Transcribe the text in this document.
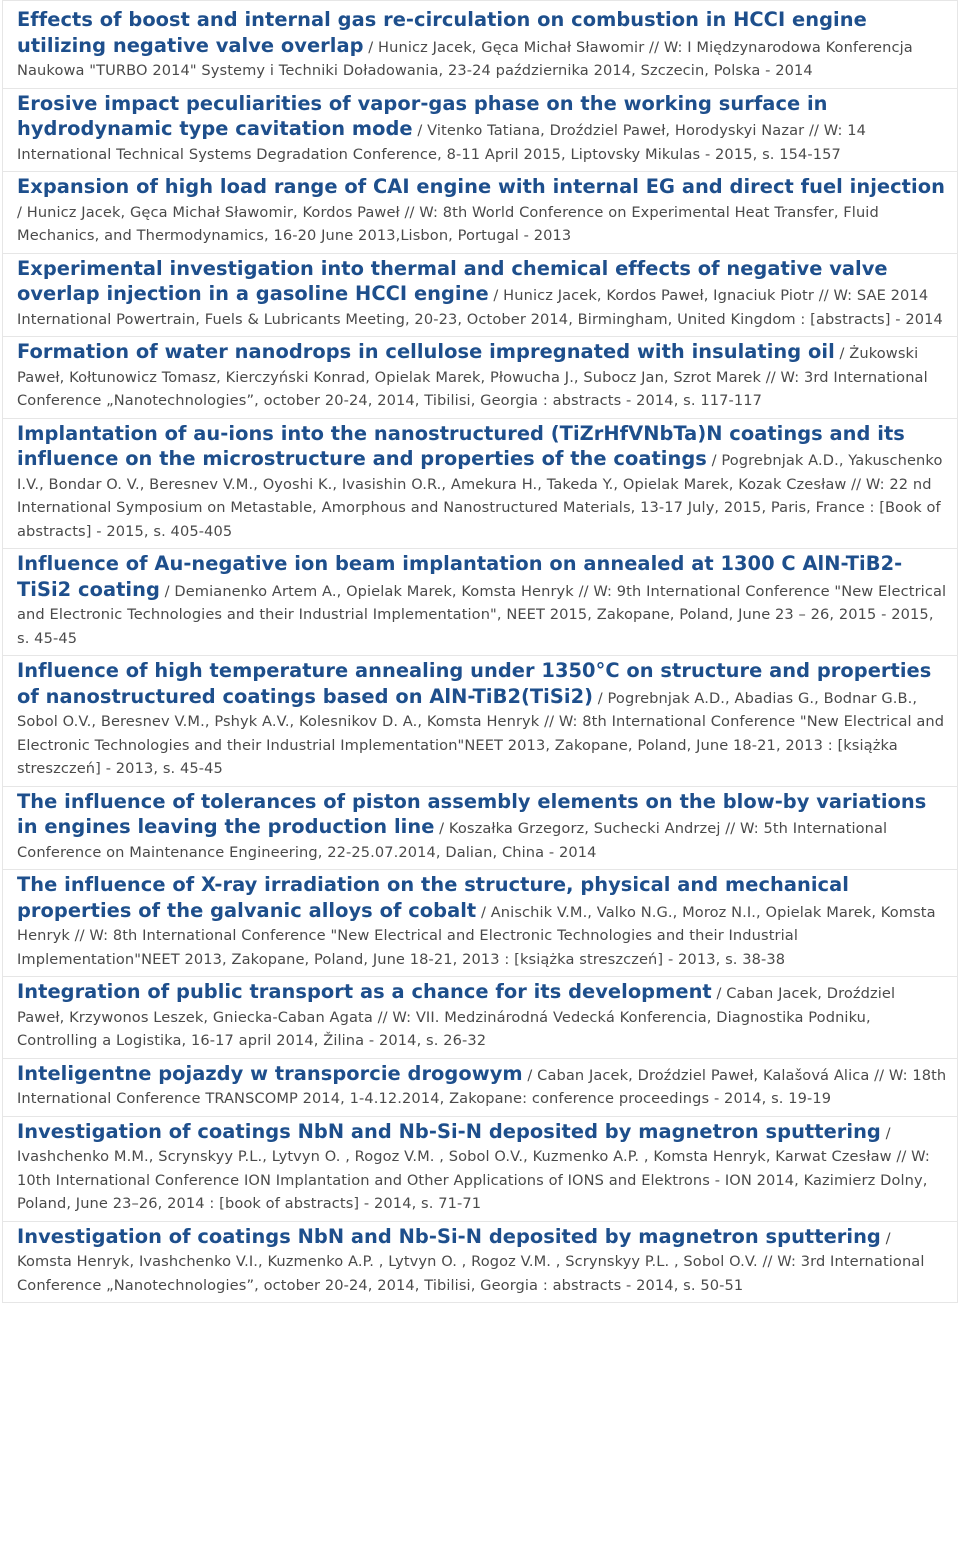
Effects of boost and internal gas re-circulation on combustion in HCCI engine utilizing negative valve overlap / Hunicz Jacek, Gęca Michał Sławomir // W: I Międzynarodowa Konferencja Naukowa "TURBO 2014" Systemy i Techniki Doładowania, 23-24 października 2014, Szczecin, Polska - 2014

Erosive impact peculiarities of vapor-gas phase on the working surface in hydrodynamic type cavitation mode / Vitenko Tatiana, Droździel Paweł, Horodyskyi Nazar // W: 14 International Technical Systems Degradation Conference, 8-11 April 2015, Liptovsky Mikulas - 2015, s. 154-157

Expansion of high load range of CAI engine with internal EG and direct fuel injection / Hunicz Jacek, Gęca Michał Sławomir, Kordos Paweł // W: 8th World Conference on Experimental Heat Transfer, Fluid Mechanics, and Thermodynamics, 16-20 June 2013,Lisbon, Portugal - 2013

Experimental investigation into thermal and chemical effects of negative valve overlap injection in a gasoline HCCI engine / Hunicz Jacek, Kordos Paweł, Ignaciuk Piotr // W: SAE 2014 International Powertrain, Fuels & Lubricants Meeting, 20-23, October 2014, Birmingham, United Kingdom : [abstracts] - 2014

Formation of water nanodrops in cellulose impregnated with insulating oil / Żukowski Paweł, Kołtunowicz Tomasz, Kierczyński Konrad, Opielak Marek, Płowucha J., Subocz Jan, Szrot Marek // W: 3rd International Conference „Nanotechnologies”, october 20-24, 2014, Tibilisi, Georgia : abstracts - 2014, s. 117-117

Implantation of au-ions into the nanostructured (TiZrHfVNbTa)N coatings and its influence on the microstructure and properties of the coatings / Pogrebnjak A.D., Yakuschenko I.V., Bondar O. V., Beresnev V.M., Oyoshi K., Ivasishin O.R., Amekura H., Takeda Y., Opielak Marek, Kozak Czesław // W: 22 nd International Symposium on Metastable, Amorphous and Nanostructured Materials, 13-17 July, 2015, Paris, France : [Book of abstracts] - 2015, s. 405-405

Influence of Au-negative ion beam implantation on annealed at 1300 C AlN-TiB2-TiSi2 coating / Demianenko Artem A., Opielak Marek, Komsta Henryk // W: 9th International Conference "New Electrical and Electronic Technologies and their Industrial Implementation", NEET 2015, Zakopane, Poland, June 23 – 26, 2015 - 2015, s. 45-45

Influence of high temperature annealing under 1350°C on structure and properties of nanostructured coatings based on AlN-TiB2(TiSi2) / Pogrebnjak A.D., Abadias G., Bodnar G.B., Sobol O.V., Beresnev V.M., Pshyk A.V., Kolesnikov D. A., Komsta Henryk // W: 8th International Conference "New Electrical and Electronic Technologies and their Industrial Implementation"NEET 2013, Zakopane, Poland, June 18-21, 2013 : [książka streszczeń] - 2013, s. 45-45

The influence of tolerances of piston assembly elements on the blow-by variations in engines leaving the production line / Koszałka Grzegorz, Suchecki Andrzej // W: 5th International Conference on Maintenance Engineering, 22-25.07.2014, Dalian, China - 2014

The influence of X-ray irradiation on the structure, physical and mechanical properties of the galvanic alloys of cobalt / Anischik V.M., Valko N.G., Moroz N.I., Opielak Marek, Komsta Henryk // W: 8th International Conference "New Electrical and Electronic Technologies and their Industrial Implementation"NEET 2013, Zakopane, Poland, June 18-21, 2013 : [książka streszczeń] - 2013, s. 38-38

Integration of public transport as a chance for its development / Caban Jacek, Droździel Paweł, Krzywonos Leszek, Gniecka-Caban Agata // W: VII. Medzinárodná Vedecká Konferencia, Diagnostika Podniku, Controlling a Logistika, 16-17 april 2014, Žilina - 2014, s. 26-32

Inteligentne pojazdy w transporcie drogowym / Caban Jacek, Droździel Paweł, Kalašová Alica // W: 18th International Conference TRANSCOMP 2014, 1-4.12.2014, Zakopane: conference proceedings - 2014, s. 19-19

Investigation of coatings NbN and Nb-Si-N deposited by magnetron sputtering / Ivashchenko M.M., Scrynskyy P.L., Lytvyn O. , Rogoz V.M. , Sobol O.V., Kuzmenko A.P. , Komsta Henryk, Karwat Czesław // W: 10th International Conference ION Implantation and Other Applications of IONS and Elektrons - ION 2014, Kazimierz Dolny, Poland, June 23–26, 2014 : [book of abstracts] - 2014, s. 71-71

Investigation of coatings NbN and Nb-Si-N deposited by magnetron sputtering / Komsta Henryk, Ivashchenko V.I., Kuzmenko A.P. , Lytvyn O. , Rogoz V.M. , Scrynskyy P.L. , Sobol O.V. // W: 3rd International Conference „Nanotechnologies”, october 20-24, 2014, Tibilisi, Georgia : abstracts - 2014, s. 50-51
